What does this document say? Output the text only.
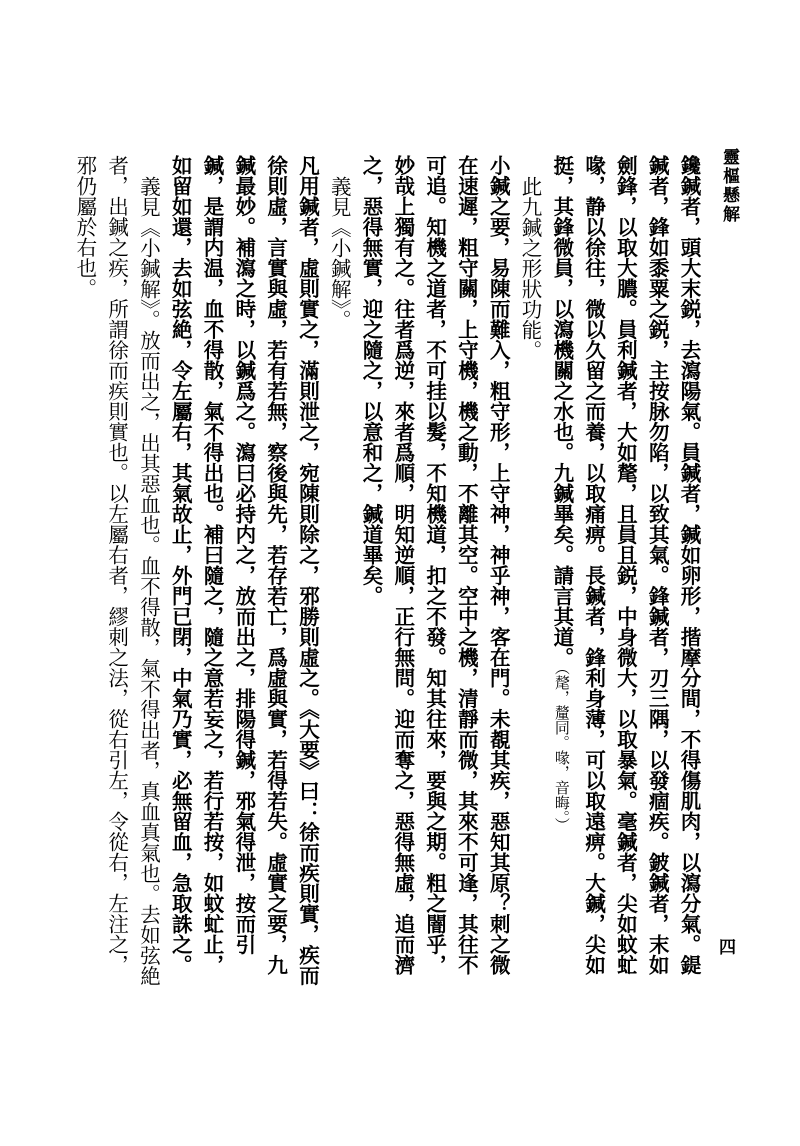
靈樞懸解
四

鑱鍼者，頭大末鋭，去瀉陽氣。員鍼者，鍼如卵形，揩摩分間，不得傷肌肉，以瀉分氣。鍉鍼者，鋒如黍粟之鋭，主按脉勿陷，以致其氣。鋒鍼者，刃三隅，以發痼疾。鈹鍼者，末如劍鋒，以取大膿。員利鍼者，大如氂，且員且鋭，中身微大，以取暴氣。毫鍼者，尖如蚊虻喙，静以徐往，微以久留之而養，以取痛痹。長鍼者，鋒利身薄，可以取遠痹。大鍼，尖如挺，其鋒微員，以瀉機關之水也。九鍼畢矣。請言其道。（氂，釐同。喙，音晦。）

此九鍼之形狀功能。

小鍼之要，易陳而難入，粗守形，上守神，神乎神，客在門。未覩其疾，惡知其原？刺之微在速遲，粗守關，上守機，機之動，不離其空。空中之機，清靜而微，其來不可逢，其往不可追。知機之道者，不可挂以髮，不知機道，扣之不發。知其往來，要與之期。粗之闇乎，妙哉上獨有之。往者爲逆，來者爲順，明知逆順，正行無問。迎而奪之，惡得無虛，追而濟之，惡得無實，迎之隨之，以意和之，鍼道畢矣。

義見《小鍼解》。

凡用鍼者，虛則實之，滿則泄之，宛陳則除之，邪勝則虛之。《大要》曰：徐而疾則實，疾而徐則虛，言實與虛，若有若無，察後與先，若存若亡，爲虛與實，若得若失。虛實之要，九鍼最妙。補瀉之時，以鍼爲之。瀉曰必持内之，放而出之，排陽得鍼，邪氣得泄，按而引鍼，是謂内温，血不得散，氣不得出也。補曰隨之，隨之意若妄之，若行若按，如蚊虻止，如留如還，去如弦絶，令左屬右，其氣故止，外門已閉，中氣乃實，必無留血，急取誅之。

義見《小鍼解》。放而出之，出其惡血也。血不得散，氣不得出者，真血真氣也。去如弦絶者，出鍼之疾，所謂徐而疾則實也。以左屬右者，繆刺之法，從右引左，令從右，左注之，邪仍屬於右也。
